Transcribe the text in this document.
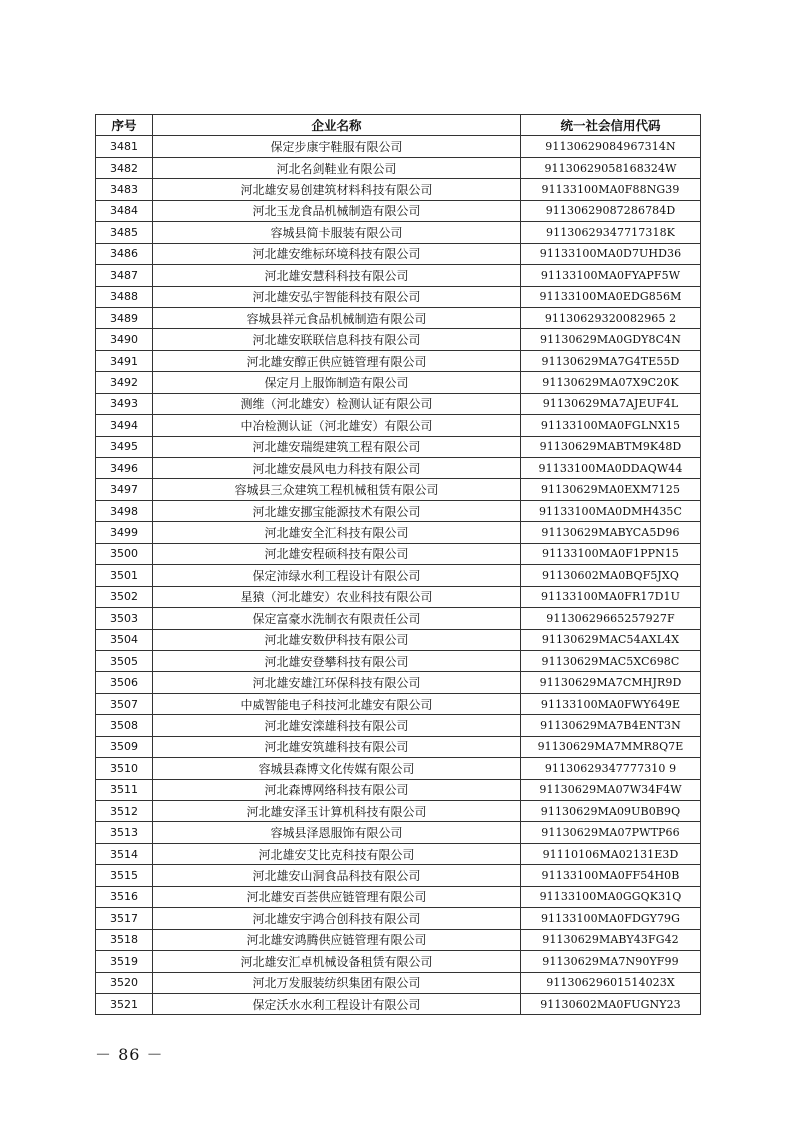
序号	企业名称	统一社会信用代码
3481	保定步康宇鞋服有限公司	91130629084967314N
3482	河北名剑鞋业有限公司	91130629058168324W
3483	河北雄安易创建筑材料科技有限公司	91133100MA0F88NG39
3484	河北玉龙食品机械制造有限公司	91130629087286784D
3485	容城县简卡服装有限公司	91130629347717318K
3486	河北雄安维标环境科技有限公司	91133100MA0D7UHD36
3487	河北雄安慧科科技有限公司	91133100MA0FYAPF5W
3488	河北雄安弘宇智能科技有限公司	91133100MA0EDG856M
3489	容城县祥元食品机械制造有限公司	91130629320082965 2
3490	河北雄安联联信息科技有限公司	91130629MA0GDY8C4N
3491	河北雄安醇正供应链管理有限公司	91130629MA7G4TE55D
3492	保定月上服饰制造有限公司	91130629MA07X9C20K
3493	测维（河北雄安）检测认证有限公司	91130629MA7AJEUF4L
3494	中冶检测认证（河北雄安）有限公司	91133100MA0FGLNX15
3495	河北雄安瑞缇建筑工程有限公司	91130629MABTM9K48D
3496	河北雄安晨风电力科技有限公司	91133100MA0DDAQW44
3497	容城县三众建筑工程机械租赁有限公司	91130629MA0EXM7125
3498	河北雄安挪宝能源技术有限公司	91133100MA0DMH435C
3499	河北雄安全汇科技有限公司	91130629MABYCA5D96
3500	河北雄安程硕科技有限公司	91133100MA0F1PPN15
3501	保定沛绿水利工程设计有限公司	91130602MA0BQF5JXQ
3502	星猿（河北雄安）农业科技有限公司	91133100MA0FR17D1U
3503	保定富豪水洗制衣有限责任公司	91130629665257927F
3504	河北雄安数伊科技有限公司	91130629MAC54AXL4X
3505	河北雄安登攀科技有限公司	91130629MAC5XC698C
3506	河北雄安雄江环保科技有限公司	91130629MA7CMHJR9D
3507	中威智能电子科技河北雄安有限公司	91133100MA0FWY649E
3508	河北雄安滦雄科技有限公司	91130629MA7B4ENT3N
3509	河北雄安筑雄科技有限公司	91130629MA7MMR8Q7E
3510	容城县森博文化传媒有限公司	91130629347777310 9
3511	河北森博网络科技有限公司	91130629MA07W34F4W
3512	河北雄安泽玉计算机科技有限公司	91130629MA09UB0B9Q
3513	容城县泽恩服饰有限公司	91130629MA07PWTP66
3514	河北雄安艾比克科技有限公司	91110106MA02131E3D
3515	河北雄安山洞食品科技有限公司	91133100MA0FF54H0B
3516	河北雄安百荟供应链管理有限公司	91133100MA0GGQK31Q
3517	河北雄安宇鸿合创科技有限公司	91133100MA0FDGY79G
3518	河北雄安鸿腾供应链管理有限公司	91130629MABY43FG42
3519	河北雄安汇卓机械设备租赁有限公司	91130629MA7N90YF99
3520	河北万发服装纺织集团有限公司	91130629601514023X
3521	保定沃水水利工程设计有限公司	91130602MA0FUGNY23
－ 86 －
